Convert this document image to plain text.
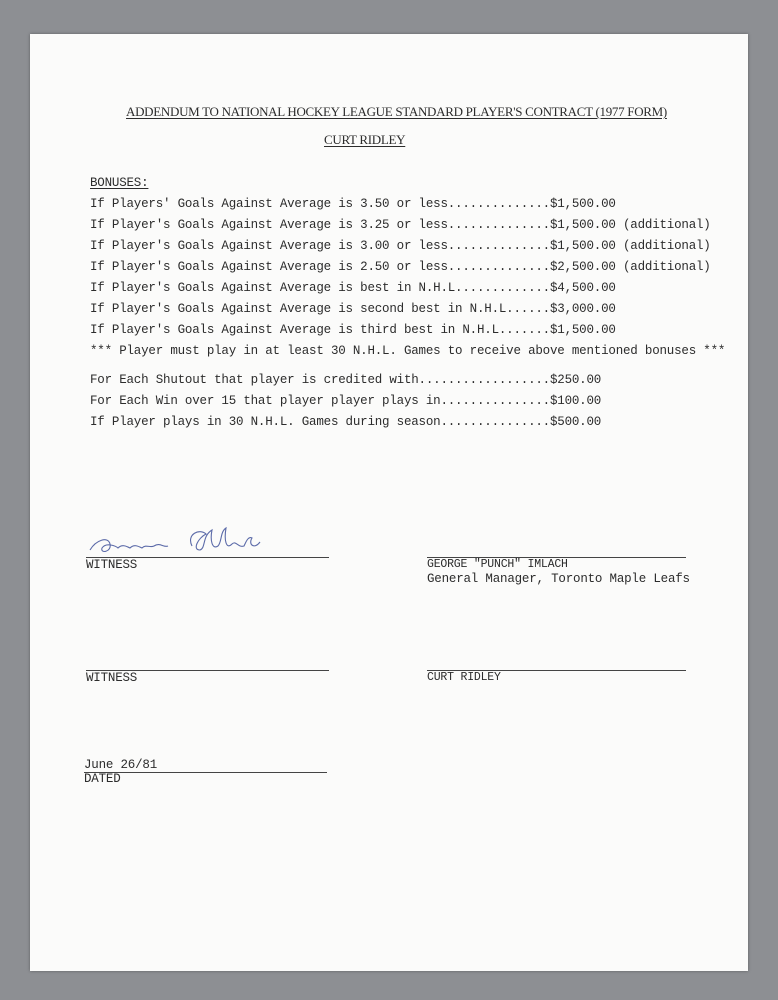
ADDENDUM TO NATIONAL HOCKEY LEAGUE STANDARD PLAYER'S CONTRACT (1977 FORM)
CURT RIDLEY
BONUSES:
If Players' Goals Against Average is 3.50 or less..............$1,500.00
If Player's Goals Against Average is 3.25 or less..............$1,500.00 (additional)
If Player's Goals Against Average is 3.00 or less..............$1,500.00 (additional)
If Player's Goals Against Average is 2.50 or less..............$2,500.00 (additional)
If Player's Goals Against Average is best in N.H.L.............$4,500.00
If Player's Goals Against Average is second best in N.H.L......$3,000.00
If Player's Goals Against Average is third best in N.H.L.......$1,500.00
*** Player must play in at least 30 N.H.L. Games to receive above mentioned bonuses ***
For Each Shutout that player is credited with..................$250.00
For Each Win over 15 that player player plays in...............$100.00
If Player plays in 30 N.H.L. Games during season...............$500.00
WITNESS	GEORGE "PUNCH" IMLACH
General Manager, Toronto Maple Leafs
WITNESS	CURT RIDLEY
June 26/81
DATED
